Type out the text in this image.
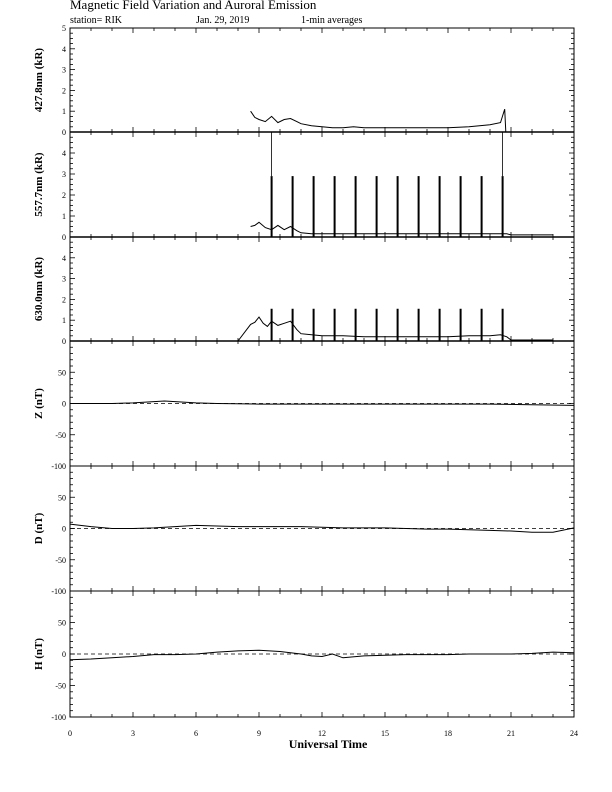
Magnetic Field Variation and Auroral Emission
station= RIK	Jan. 29, 2019	1-min averages
0
1
2
3
4
5
427.8nm (kR)
0
1
2
3
4
557.7nm (kR)
0
1
2
3
4
630.0nm (kR)
-100
-50
0
50
Z (nT)
-100
-50
0
50
D (nT)
-100
-50
0
50
H (nT)
0	3	6	9	12	15	18	21	24
Universal Time
